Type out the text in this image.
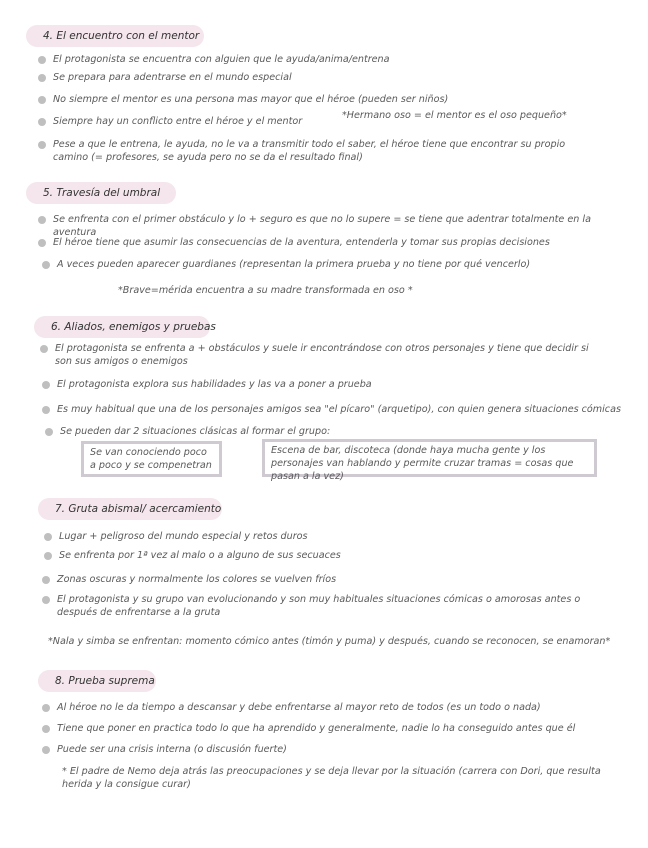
4. El encuentro con el mentor
El protagonista se encuentra con alguien que le ayuda/anima/entrena
Se prepara para adentrarse en el mundo especial
No siempre el mentor es una persona mas mayor que el héroe (pueden ser niños)
Siempre hay un conflicto entre el héroe y el mentor
*Hermano oso = el mentor es el oso pequeño*
Pese a que le entrena, le ayuda, no le va a transmitir todo el saber, el héroe tiene que encontrar su propio camino (= profesores, se ayuda pero no se da el resultado final)
5. Travesía del umbral
Se enfrenta con el primer obstáculo y lo + seguro es que no lo supere = se tiene que adentrar totalmente en la aventura
El héroe tiene que asumir las consecuencias de la aventura, entenderla y tomar sus propias decisiones
A veces pueden aparecer guardianes (representan la primera prueba y no tiene por qué vencerlo)
*Brave=mérida encuentra a su madre transformada en oso *
6. Aliados, enemigos y pruebas
El protagonista se enfrenta a + obstáculos y suele ir encontrándose con otros personajes y tiene que decidir si son sus amigos o enemigos
El protagonista explora sus habilidades y las va a poner a prueba
Es muy habitual que una de los personajes amigos sea "el pícaro" (arquetipo), con quien genera situaciones cómicas
Se pueden dar 2 situaciones clásicas al formar el grupo:
Se van conociendo poco a poco y se compenetran
Escena de bar, discoteca (donde haya mucha gente y los personajes van hablando y permite cruzar tramas = cosas que pasan a la vez)
7. Gruta abismal/ acercamiento
Lugar + peligroso del mundo especial y retos duros
Se enfrenta por 1ª vez al malo o a alguno de sus secuaces
Zonas oscuras y normalmente los colores se vuelven fríos
El protagonista y su grupo van evolucionando y son muy habituales situaciones cómicas o amorosas antes o después de enfrentarse a la gruta
*Nala y simba se enfrentan: momento cómico antes (timón y puma) y después, cuando se reconocen, se enamoran*
8. Prueba suprema
Al héroe no le da tiempo a descansar y debe enfrentarse al mayor reto de todos (es un todo o nada)
Tiene que poner en practica todo lo que ha aprendido y generalmente, nadie lo ha conseguido antes que él
Puede ser una crisis interna (o discusión fuerte)
* El padre de Nemo deja atrás las preocupaciones y se deja llevar por la situación (carrera con Dori, que resulta herida y la consigue curar)
